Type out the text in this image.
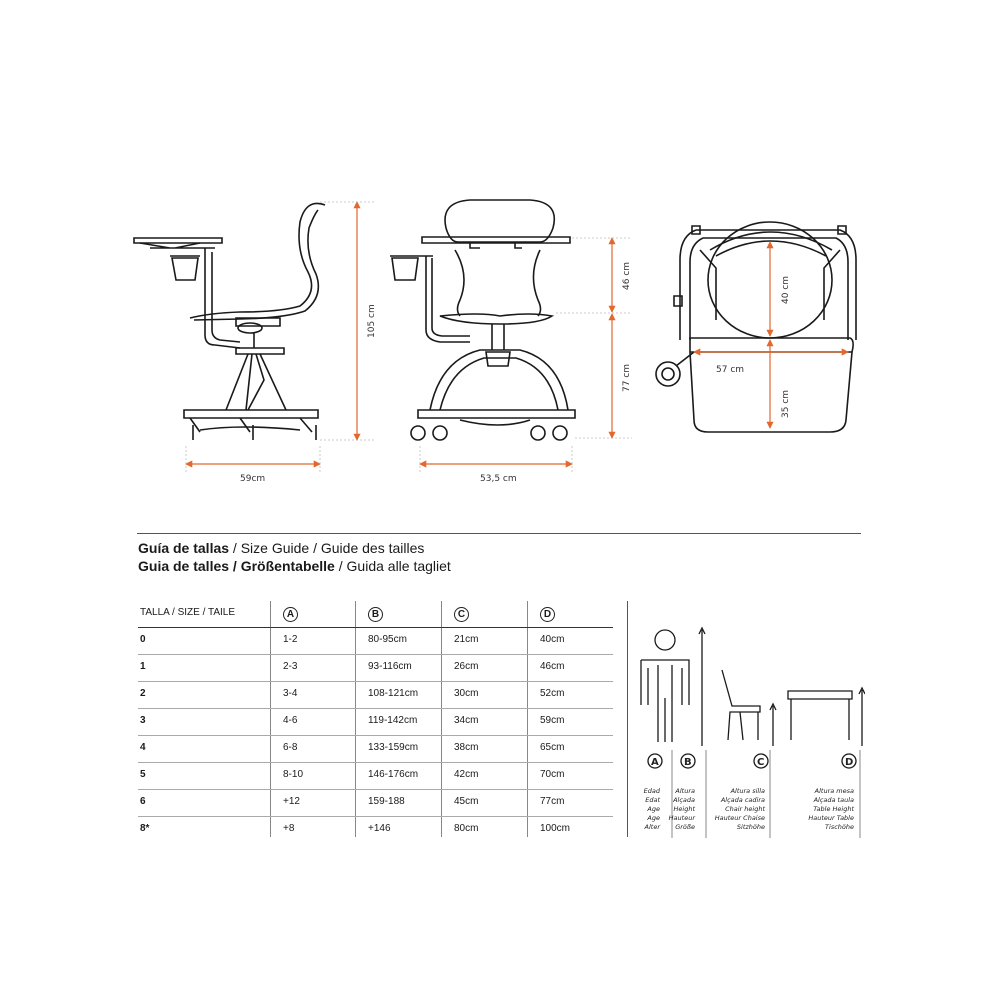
59cm
105 cm
53,5 cm
46 cm
77 cm
40 cm
57 cm
35 cm
Guía de tallas / Size Guide / Guide des tailles
Guia de talles / Größentabelle / Guida alle tagliet
TALLA / SIZE / TAILE	A	B	C	D
0	1-2	80-95cm	21cm	40cm
1	2-3	93-116cm	26cm	46cm
2	3-4	108-121cm	30cm	52cm
3	4-6	119-142cm	34cm	59cm
4	6-8	133-159cm	38cm	65cm
5	8-10	146-176cm	42cm	70cm
6	+12	159-188	45cm	77cm
8*	+8	+146	80cm	100cm
A	B	C	D
Edad
Edat
Age
Age
Alter
Altura
Alçada
Height
Hauteur
Größe
Altura silla
Alçada cadira
Chair height
Hauteur Chaise
Sitzhöhe
Altura mesa
Alçada taula
Table Height
Hauteur Table
Tischöhe
